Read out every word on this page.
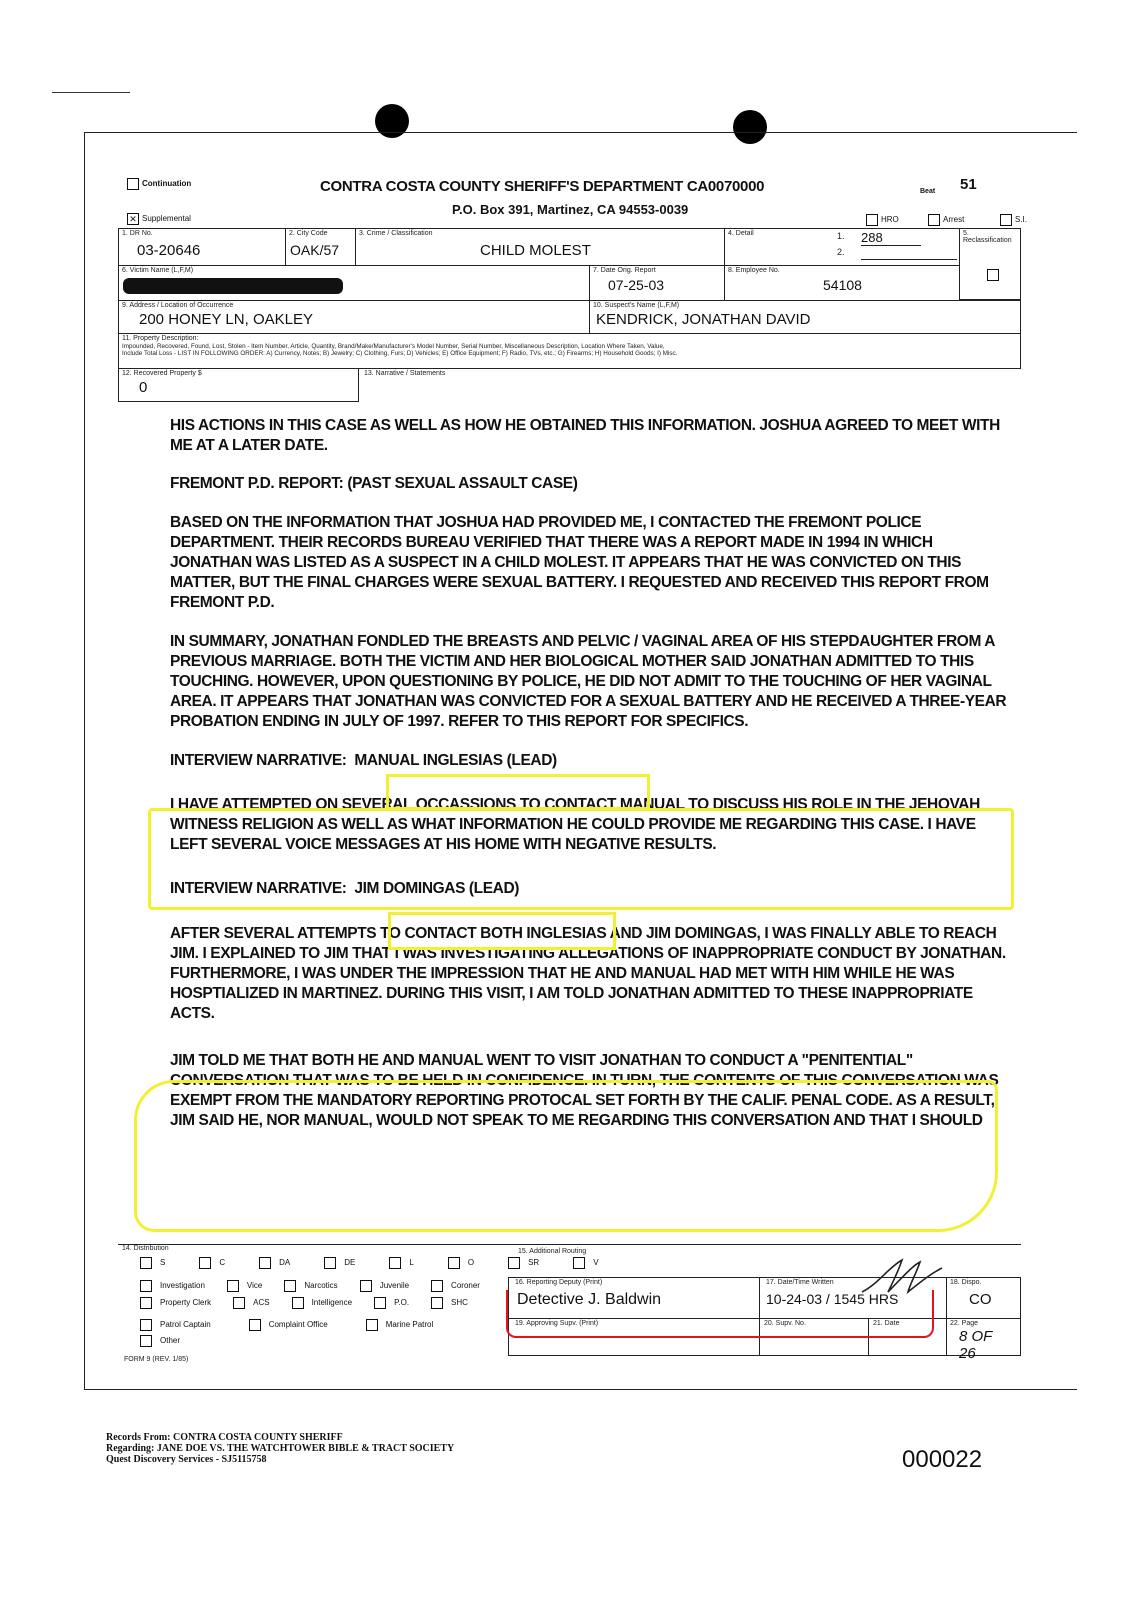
Continuation
✕Supplemental
CONTRA COSTA COUNTY SHERIFF'S DEPARTMENT CA0070000	Beat 51
P.O. Box 391, Martinez, CA 94553-0039
HRO	Arrest	S.I.
1. DR No.
03-20646
2. City Code
OAK/57
3. Crime / Classification
CHILD MOLEST
4. Detail	1. 288
2.
5. Reclassification
6. Victim Name (L,F,M)	7. Date Orig. Report
07-25-03
8. Employee No.
54108
9. Address / Location of Occurrence
200 HONEY LN, OAKLEY
10. Suspect's Name (L,F,M)
KENDRICK, JONATHAN DAVID
11. Property Description:
Impounded, Recovered, Found, Lost, Stolen - Item Number, Article, Quantity, Brand/Make/Manufacturer's Model Number, Serial Number, Miscellaneous Description, Location Where Taken, Value,
Include Total Loss - LIST IN FOLLOWING ORDER: A) Currency, Notes; B) Jewelry; C) Clothing, Furs; D) Vehicles; E) Office Equipment; F) Radio, TVs, etc.; G) Firearms; H) Household Goods; I) Misc.
12. Recovered Property $
0
13. Narrative / Statements

HIS ACTIONS IN THIS CASE AS WELL AS HOW HE OBTAINED THIS INFORMATION. JOSHUA AGREED TO MEET WITH ME AT A LATER DATE.

FREMONT P.D. REPORT: (PAST SEXUAL ASSAULT CASE)

BASED ON THE INFORMATION THAT JOSHUA HAD PROVIDED ME, I CONTACTED THE FREMONT POLICE DEPARTMENT. THEIR RECORDS BUREAU VERIFIED THAT THERE WAS A REPORT MADE IN 1994 IN WHICH JONATHAN WAS LISTED AS A SUSPECT IN A CHILD MOLEST. IT APPEARS THAT HE WAS CONVICTED ON THIS MATTER, BUT THE FINAL CHARGES WERE SEXUAL BATTERY. I REQUESTED AND RECEIVED THIS REPORT FROM FREMONT P.D.

IN SUMMARY, JONATHAN FONDLED THE BREASTS AND PELVIC / VAGINAL AREA OF HIS STEPDAUGHTER FROM A PREVIOUS MARRIAGE. BOTH THE VICTIM AND HER BIOLOGICAL MOTHER SAID JONATHAN ADMITTED TO THIS TOUCHING. HOWEVER, UPON QUESTIONING BY POLICE, HE DID NOT ADMIT TO THE TOUCHING OF HER VAGINAL AREA. IT APPEARS THAT JONATHAN WAS CONVICTED FOR A SEXUAL BATTERY AND HE RECEIVED A THREE-YEAR PROBATION ENDING IN JULY OF 1997. REFER TO THIS REPORT FOR SPECIFICS.

INTERVIEW NARRATIVE: MANUAL INGLESIAS (LEAD)

I HAVE ATTEMPTED ON SEVERAL OCCASSIONS TO CONTACT MANUAL TO DISCUSS HIS ROLE IN THE JEHOVAH WITNESS RELIGION AS WELL AS WHAT INFORMATION HE COULD PROVIDE ME REGARDING THIS CASE. I HAVE LEFT SEVERAL VOICE MESSAGES AT HIS HOME WITH NEGATIVE RESULTS.

INTERVIEW NARRATIVE: JIM DOMINGAS (LEAD)

AFTER SEVERAL ATTEMPTS TO CONTACT BOTH INGLESIAS AND JIM DOMINGAS, I WAS FINALLY ABLE TO REACH JIM. I EXPLAINED TO JIM THAT I WAS INVESTIGATING ALLEGATIONS OF INAPPROPRIATE CONDUCT BY JONATHAN. FURTHERMORE, I WAS UNDER THE IMPRESSION THAT HE AND MANUAL HAD MET WITH HIM WHILE HE WAS HOSPTIALIZED IN MARTINEZ. DURING THIS VISIT, I AM TOLD JONATHAN ADMITTED TO THESE INAPPROPRIATE ACTS.

JIM TOLD ME THAT BOTH HE AND MANUAL WENT TO VISIT JONATHAN TO CONDUCT A "PENITENTIAL" CONVERSATION THAT WAS TO BE HELD IN CONFIDENCE. IN TURN, THE CONTENTS OF THIS CONVERSATION WAS EXEMPT FROM THE MANDATORY REPORTING PROTOCAL SET FORTH BY THE CALIF. PENAL CODE. AS A RESULT, JIM SAID HE, NOR MANUAL, WOULD NOT SPEAK TO ME REGARDING THIS CONVERSATION AND THAT I SHOULD

14. Distribution
S	C	DA	DE	L	O	SR	V
Investigation	Vice	Narcotics	Juvenile	Coroner
Property Clerk	ACS	Intelligence	P.O.	SHC
Patrol Captain	Complaint Office	Marine Patrol
Other
15. Additional Routing
16. Reporting Deputy (Print)
Detective J. Baldwin
17. Date/Time Written
10-24-03 / 1545 HRS
18. Dispo.
CO
19. Approving Supv. (Print)	20. Supv. No.	21. Date	22. Page
8 OF 26
FORM 9 (REV. 1/85)
Records From: CONTRA COSTA COUNTY SHERIFF
Regarding: JANE DOE VS. THE WATCHTOWER BIBLE & TRACT SOCIETY
Quest Discovery Services - SJ5115758	000022
